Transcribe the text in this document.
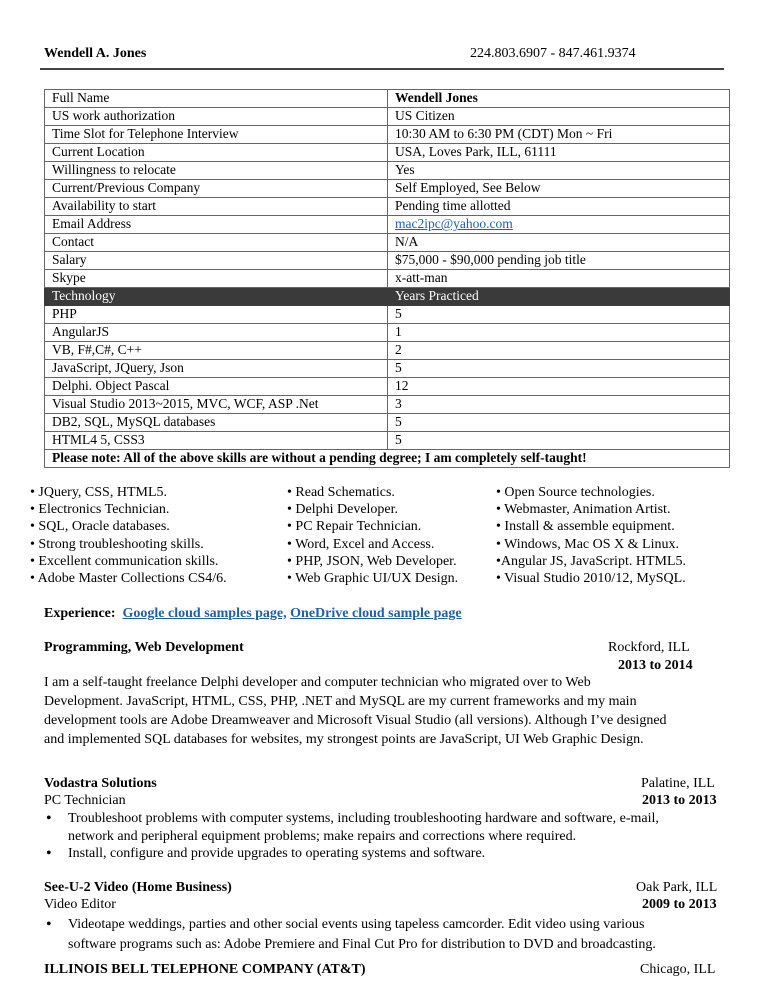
Wendell A. Jones	224.803.6907 - 847.461.9374
Full Name	Wendell Jones
US work authorization	US Citizen
Time Slot for Telephone Interview	10:30 AM to 6:30 PM (CDT) Mon ~ Fri
Current Location	USA, Loves Park, ILL, 61111
Willingness to relocate	Yes
Current/Previous Company	Self Employed, See Below
Availability to start	Pending time allotted
Email Address	mac2ipc@yahoo.com
Contact	N/A
Salary	$75,000 - $90,000 pending job title
Skype	x-att-man
Technology	Years Practiced
PHP	5
AngularJS	1
VB, F#,C#, C++	2
JavaScript, JQuery, Json	5
Delphi. Object Pascal	12
Visual Studio 2013~2015, MVC, WCF, ASP .Net	3
DB2, SQL, MySQL databases	5
HTML4 5, CSS3	5
Please note: All of the above skills are without a pending degree; I am completely self-taught!	
• JQuery, CSS, HTML5.
• Electronics Technician.
• SQL, Oracle databases.
• Strong troubleshooting skills.
• Excellent communication skills.
• Adobe Master Collections CS4/6.
• Read Schematics.
• Delphi Developer.
• PC Repair Technician.
• Word, Excel and Access.
• PHP, JSON, Web Developer.
• Web Graphic UI/UX Design.
• Open Source technologies.
• Webmaster, Animation Artist.
• Install & assemble equipment.
• Windows, Mac OS X & Linux.
•Angular JS, JavaScript. HTML5.
• Visual Studio 2010/12, MySQL.
Experience: Google cloud samples page, OneDrive cloud sample page
Programming, Web Development	Rockford, ILL
2013 to 2014
I am a self-taught freelance Delphi developer and computer technician who migrated over to Web
Development. JavaScript, HTML, CSS, PHP, .NET and MySQL are my current frameworks and my main
development tools are Adobe Dreamweaver and Microsoft Visual Studio (all versions). Although I’ve designed
and implemented SQL databases for websites, my strongest points are JavaScript, UI Web Graphic Design.
Vodastra Solutions	Palatine, ILL
PC Technician	2013 to 2013
• Troubleshoot problems with computer systems, including troubleshooting hardware and software, e-mail,
network and peripheral equipment problems; make repairs and corrections where required.
• Install, configure and provide upgrades to operating systems and software.
See-U-2 Video (Home Business)	Oak Park, ILL
Video Editor	2009 to 2013
• Videotape weddings, parties and other social events using tapeless camcorder. Edit video using various
software programs such as: Adobe Premiere and Final Cut Pro for distribution to DVD and broadcasting.
ILLINOIS BELL TELEPHONE COMPANY (AT&T)	Chicago, ILL
